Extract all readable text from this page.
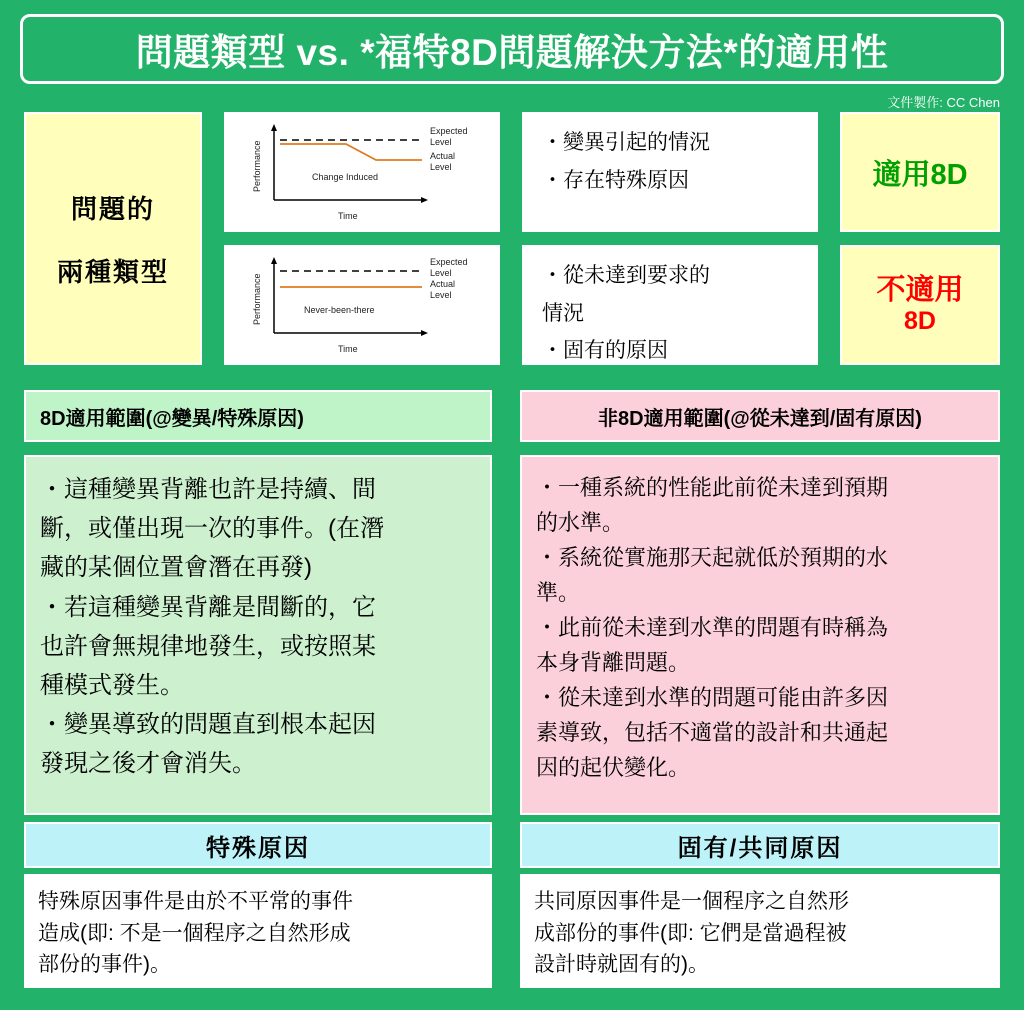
問題類型 vs. *福特8D問題解決方法*的適用性
文件製作: CC Chen
問題的
兩種類型
Expected
Level
Actual
Level
Change Induced
Time
Performance
Expected
Level
Actual
Level
Never-been-there
Time
Performance

・變異引起的情況

・存在特殊原因

・從未達到要求的

情況

・固有的原因

適用8D
不適用
8D
8D適用範圍(@變異/特殊原因)	非8D適用範圍(@從未達到/固有原因)

・這種變異背離也許是持續、間

斷，或僅出現一次的事件。(在潛

藏的某個位置會潛在再發)

・若這種變異背離是間斷的，它

也許會無規律地發生，或按照某

種模式發生。

・變異導致的問題直到根本起因

發現之後才會消失。

・一種系統的性能此前從未達到預期

的水準。

・系統從實施那天起就低於預期的水

準。

・此前從未達到水準的問題有時稱為

本身背離問題。

・從未達到水準的問題可能由許多因

素導致，包括不適當的設計和共通起

因的起伏變化。

特殊原因	固有/共同原因
特殊原因事件是由於不平常的事件
造成(即: 不是一個程序之自然形成
部份的事件)。
共同原因事件是一個程序之自然形
成部份的事件(即: 它們是當過程被
設計時就固有的)。
